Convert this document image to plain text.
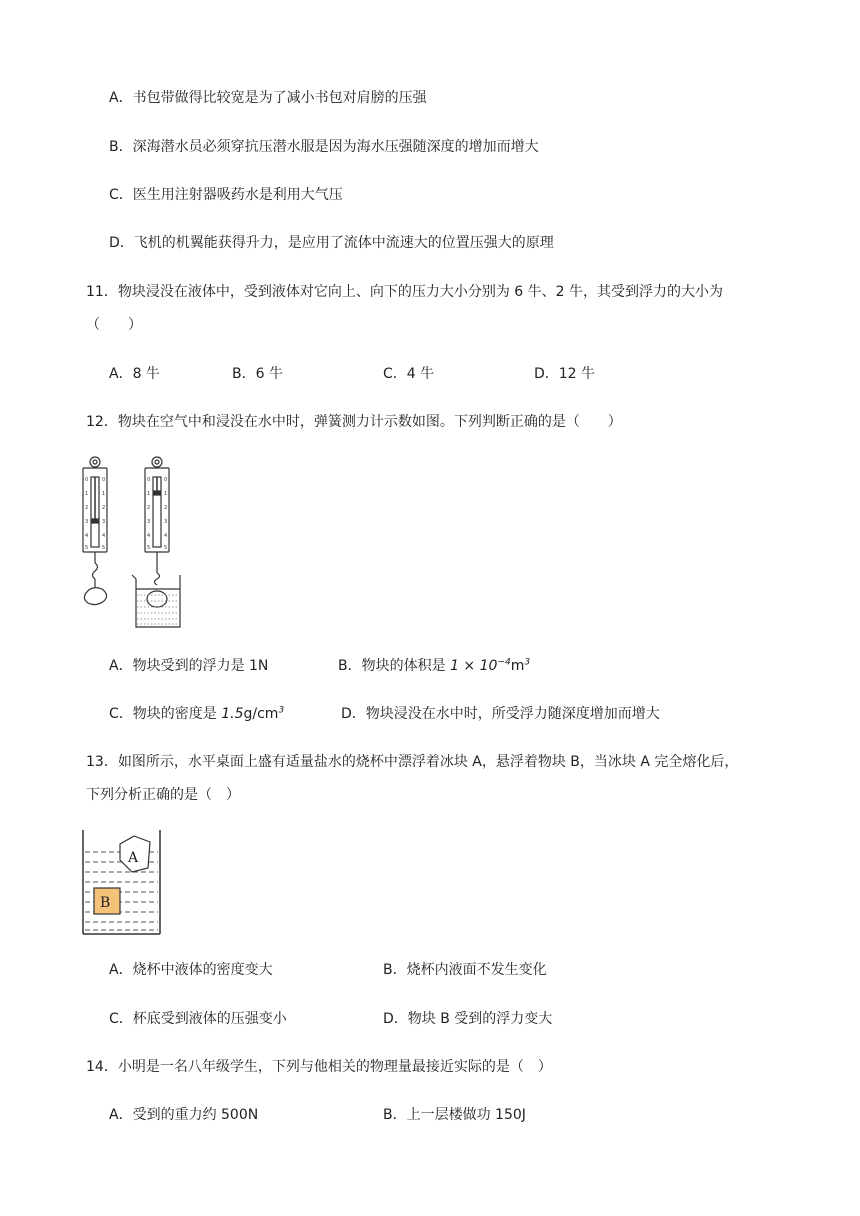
A．书包带做得比较宽是为了减小书包对肩膀的压强
B．深海潜水员必须穿抗压潜水服是因为海水压强随深度的增加而增大
C．医生用注射器吸药水是利用大气压
D．飞机的机翼能获得升力，是应用了流体中流速大的位置压强大的原理
11．物块浸没在液体中，受到液体对它向上、向下的压力大小分别为 6 牛、2 牛，其受到浮力的大小为
（　　）
A．8 牛	B．6 牛	C．4 牛	D．12 牛
12．物块在空气中和浸没在水中时，弹簧测力计示数如图。下列判断正确的是（　　）
0	0
1	1
2	2
3	3
4	4
5	5
0	0
1	1
2	2
3	3
4	4
5	5
A．物块受到的浮力是 1N	B．物块的体积是 $1 \times 10^{-4}m^3$
C．物块的密度是 $1.5g/cm^3$	D．物块浸没在水中时，所受浮力随深度增加而增大
13．如图所示，水平桌面上盛有适量盐水的烧杯中漂浮着冰块 A，悬浮着物块 B，当冰块 A 完全熔化后，
下列分析正确的是（　）
A
B
A．烧杯中液体的密度变大	B．烧杯内液面不发生变化
C．杯底受到液体的压强变小	D．物块 B 受到的浮力变大
14．小明是一名八年级学生，下列与他相关的物理量最接近实际的是（　）
A．受到的重力约 500N	B．上一层楼做功 150J
